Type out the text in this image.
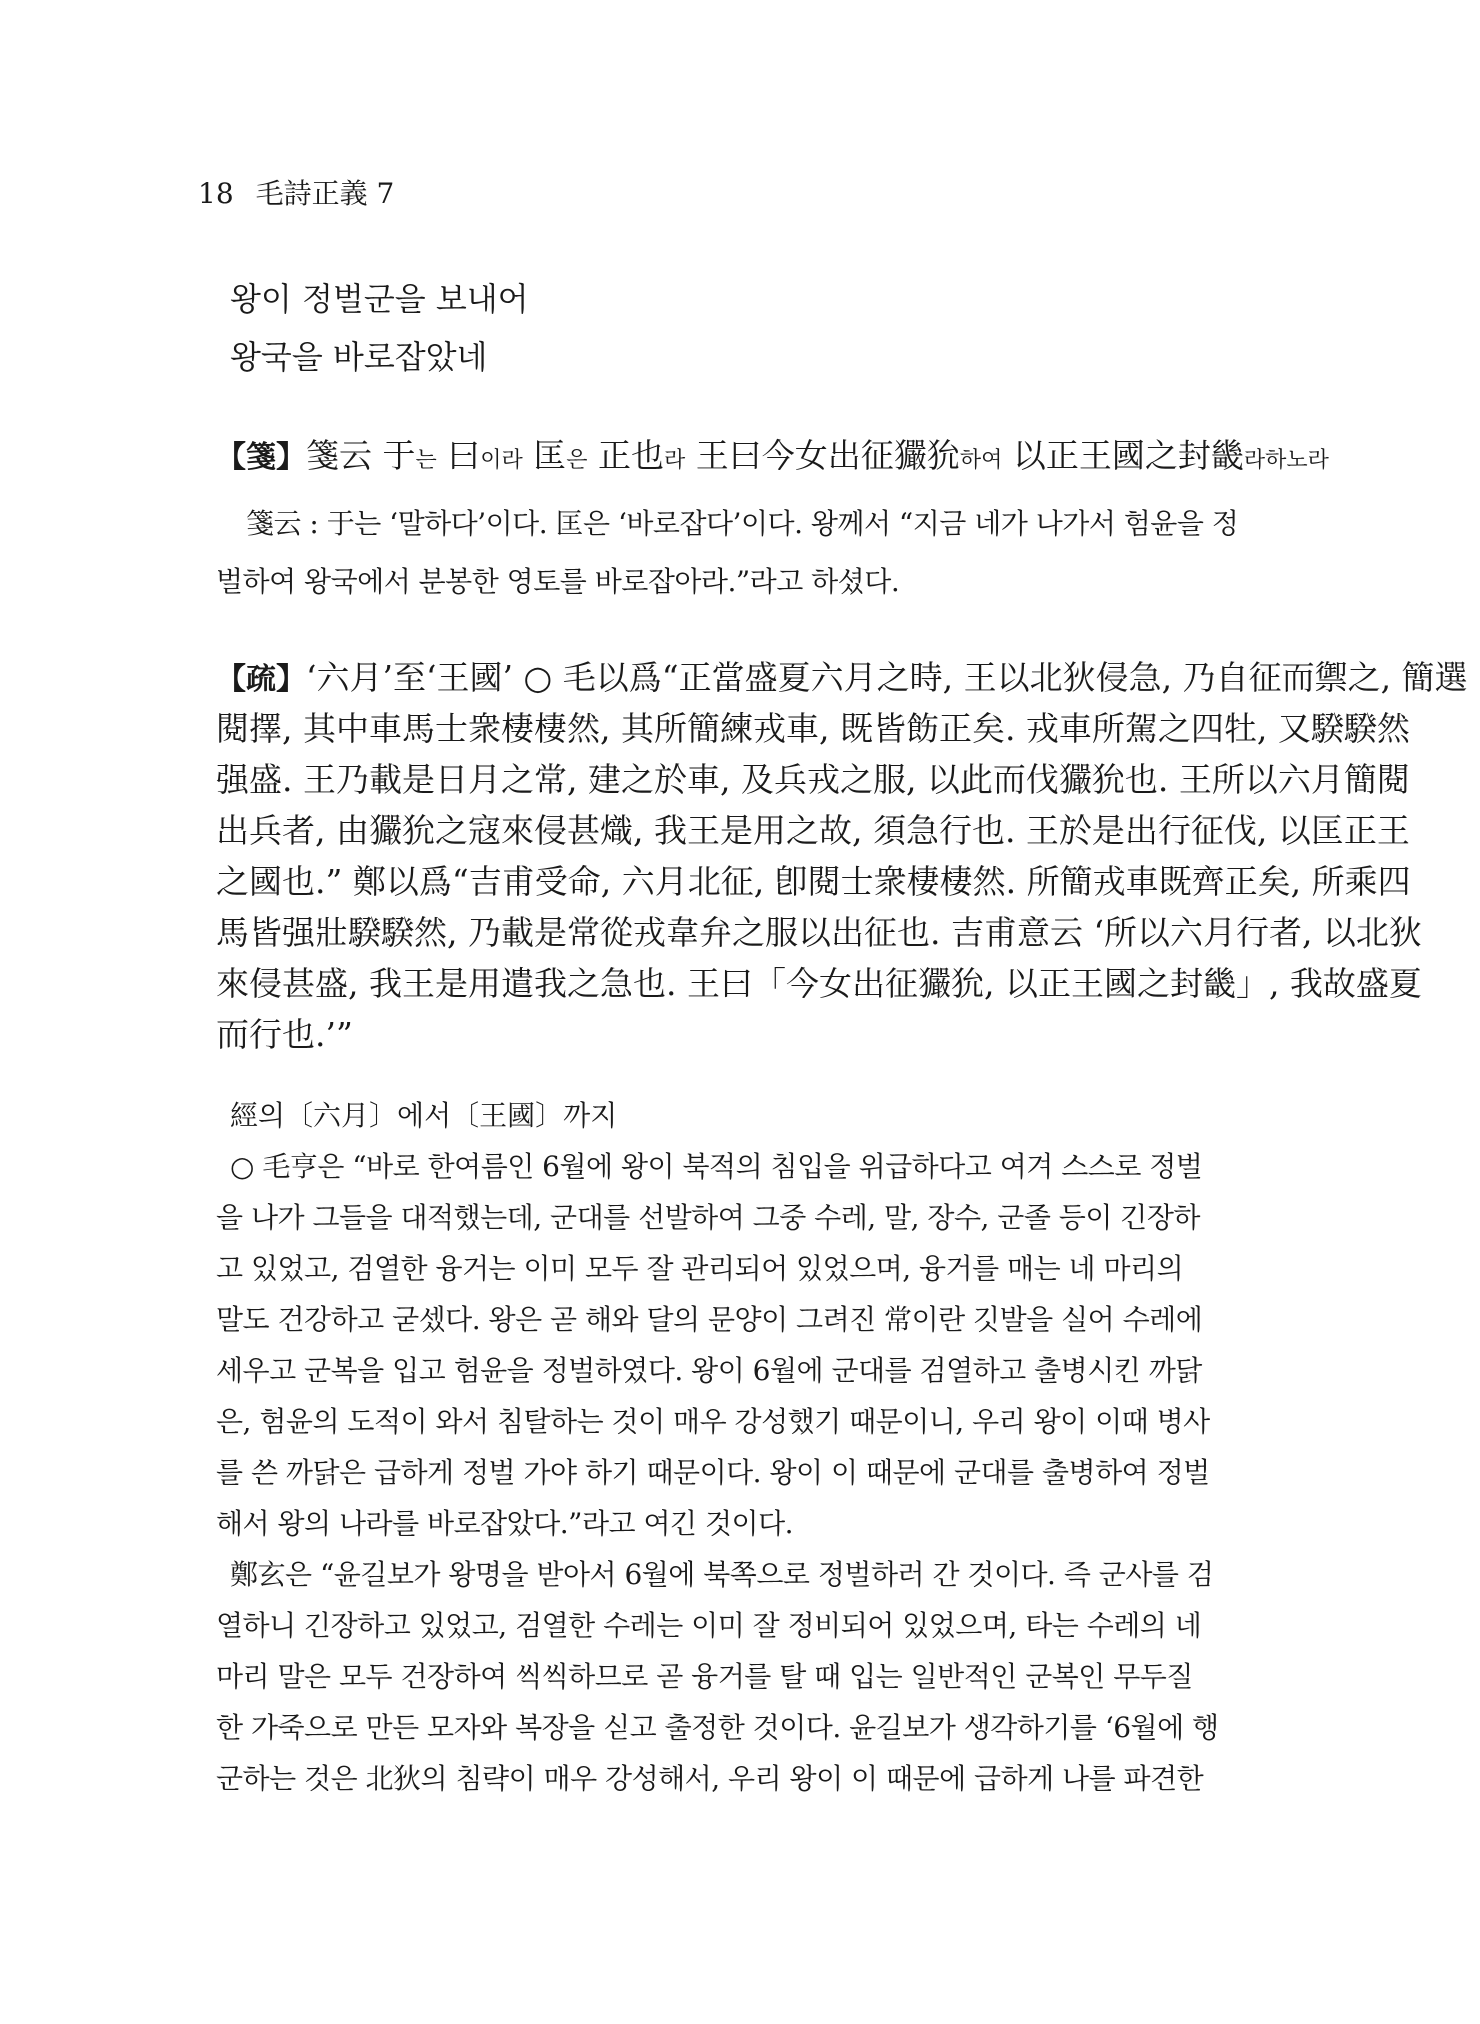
18 毛詩正義 7
왕이 정벌군을 보내어
왕국을 바로잡았네
【箋】箋云 于는 曰이라 匡은 正也라 王曰今女出征玁狁하여 以正王國之封畿라하노라
箋云 : 于는 ‘말하다’이다. 匡은 ‘바로잡다’이다. 왕께서 “지금 네가 나가서 험윤을 정
벌하여 왕국에서 분봉한 영토를 바로잡아라.”라고 하셨다.
【疏】‘六月’至‘王國’ ○ 毛以爲“正當盛夏六月之時, 王以北狄侵急, 乃自征而禦之, 簡選
閱擇, 其中車馬士衆棲棲然, 其所簡練戎車, 既皆飭正矣. 戎車所駕之四牡, 又騤騤然
强盛. 王乃載是日月之常, 建之於車, 及兵戎之服, 以此而伐玁狁也. 王所以六月簡閱
出兵者, 由玁狁之寇來侵甚熾, 我王是用之故, 須急行也. 王於是出行征伐, 以匡正王
之國也.” 鄭以爲“吉甫受命, 六月北征, 卽閱士衆棲棲然. 所簡戎車既齊正矣, 所乘四
馬皆强壯騤騤然, 乃載是常從戎韋弁之服以出征也. 吉甫意云 ‘所以六月行者, 以北狄
來侵甚盛, 我王是用遣我之急也. 王曰「今女出征玁狁, 以正王國之封畿」, 我故盛夏
而行也.’”
經의〔六月〕에서〔王國〕까지
○ 毛亨은 “바로 한여름인 6월에 왕이 북적의 침입을 위급하다고 여겨 스스로 정벌
을 나가 그들을 대적했는데, 군대를 선발하여 그중 수레, 말, 장수, 군졸 등이 긴장하
고 있었고, 검열한 융거는 이미 모두 잘 관리되어 있었으며, 융거를 매는 네 마리의
말도 건강하고 굳셌다. 왕은 곧 해와 달의 문양이 그려진 常이란 깃발을 실어 수레에
세우고 군복을 입고 험윤을 정벌하였다. 왕이 6월에 군대를 검열하고 출병시킨 까닭
은, 험윤의 도적이 와서 침탈하는 것이 매우 강성했기 때문이니, 우리 왕이 이때 병사
를 쓴 까닭은 급하게 정벌 가야 하기 때문이다. 왕이 이 때문에 군대를 출병하여 정벌
해서 왕의 나라를 바로잡았다.”라고 여긴 것이다.
鄭玄은 “윤길보가 왕명을 받아서 6월에 북쪽으로 정벌하러 간 것이다. 즉 군사를 검
열하니 긴장하고 있었고, 검열한 수레는 이미 잘 정비되어 있었으며, 타는 수레의 네
마리 말은 모두 건장하여 씩씩하므로 곧 융거를 탈 때 입는 일반적인 군복인 무두질
한 가죽으로 만든 모자와 복장을 싣고 출정한 것이다. 윤길보가 생각하기를 ‘6월에 행
군하는 것은 北狄의 침략이 매우 강성해서, 우리 왕이 이 때문에 급하게 나를 파견한
